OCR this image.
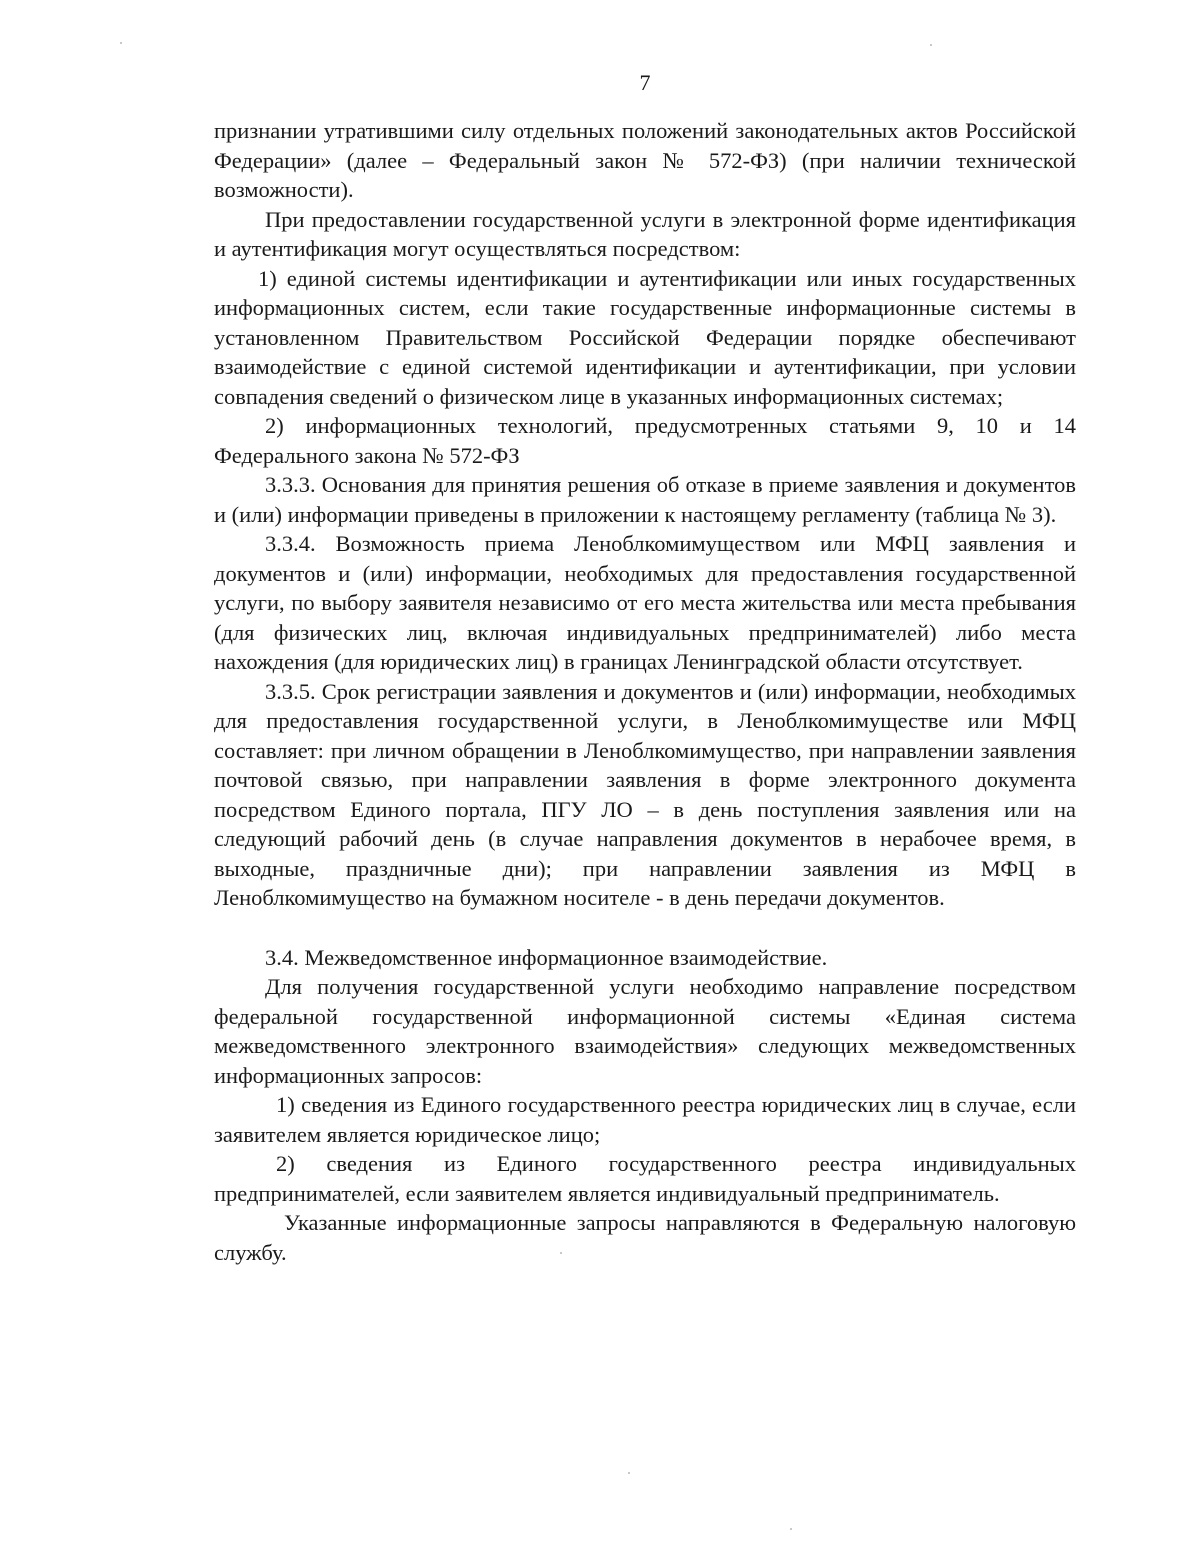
7

признании утратившими силу отдельных положений законодательных актов Российской Федерации» (далее – Федеральный закон № 572-ФЗ) (при наличии технической возможности).

При предоставлении государственной услуги в электронной форме идентификация и аутентификация могут осуществляться посредством:

1) единой системы идентификации и аутентификации или иных государственных информационных систем, если такие государственные информационные системы в установленном Правительством Российской Федерации порядке обеспечивают взаимодействие с единой системой идентификации и аутентификации, при условии совпадения сведений о физическом лице в указанных информационных системах;

2) информационных технологий, предусмотренных статьями 9, 10 и 14 Федерального закона № 572-ФЗ

3.3.3. Основания для принятия решения об отказе в приеме заявления и документов и (или) информации приведены в приложении к настоящему регламенту (таблица № 3).

3.3.4. Возможность приема Леноблкомимуществом или МФЦ заявления и документов и (или) информации, необходимых для предоставления государственной услуги, по выбору заявителя независимо от его места жительства или места пребывания (для физических лиц, включая индивидуальных предпринимателей) либо места нахождения (для юридических лиц) в границах Ленинградской области отсутствует.

3.3.5. Срок регистрации заявления и документов и (или) информации, необходимых для предоставления государственной услуги, в Леноблкомимуществе или МФЦ составляет: при личном обращении в Леноблкомимущество, при направлении заявления почтовой связью, при направлении заявления в форме электронного документа посредством Единого портала, ПГУ ЛО – в день поступления заявления или на следующий рабочий день (в случае направления документов в нерабочее время, в выходные, праздничные дни); при направлении заявления из МФЦ в Леноблкомимущество на бумажном носителе - в день передачи документов.

3.4. Межведомственное информационное взаимодействие.

Для получения государственной услуги необходимо направление посредством федеральной государственной информационной системы «Единая система межведомственного электронного взаимодействия» следующих межведомственных информационных запросов:

1) сведения из Единого государственного реестра юридических лиц в случае, если заявителем является юридическое лицо;

2) сведения из Единого государственного реестра индивидуальных предпринимателей, если заявителем является индивидуальный предприниматель.

Указанные информационные запросы направляются в Федеральную налоговую службу.
